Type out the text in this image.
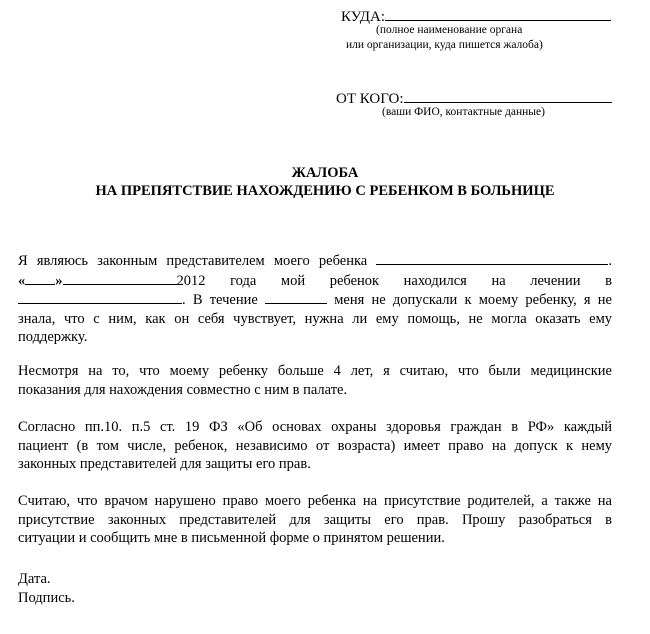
КУДА:
(полное наименование органа
или организации, куда пишется жалоба)
ОТ КОГО:
(ваши ФИО, контактные данные)
ЖАЛОБА
НА ПРЕПЯТСТВИЕ НАХОЖДЕНИЮ С РЕБЕНКОМ В БОЛЬНИЦЕ
Я являюсь законным представителем моего ребенка	.
« »	2012 года мой ребенок находился на лечении в
. В течение	меня не допускали к моему ребенку, я не
знала, что с ним, как он себя чувствует, нужна ли ему помощь, не могла оказать ему
поддержку.
Несмотря на то, что моему ребенку больше 4 лет, я считаю, что были медицинские
показания для нахождения совместно с ним в палате.
Согласно пп.10. п.5 ст. 19 ФЗ «Об основах охраны здоровья граждан в РФ» каждый
пациент (в том числе, ребенок, независимо от возраста) имеет право на допуск к нему
законных представителей для защиты его прав.
Считаю, что врачом нарушено право моего ребенка на присутствие родителей, а также на
присутствие законных представителей для защиты его прав. Прошу разобраться в
ситуации и сообщить мне в письменной форме о принятом решении.
Дата.
Подпись.
